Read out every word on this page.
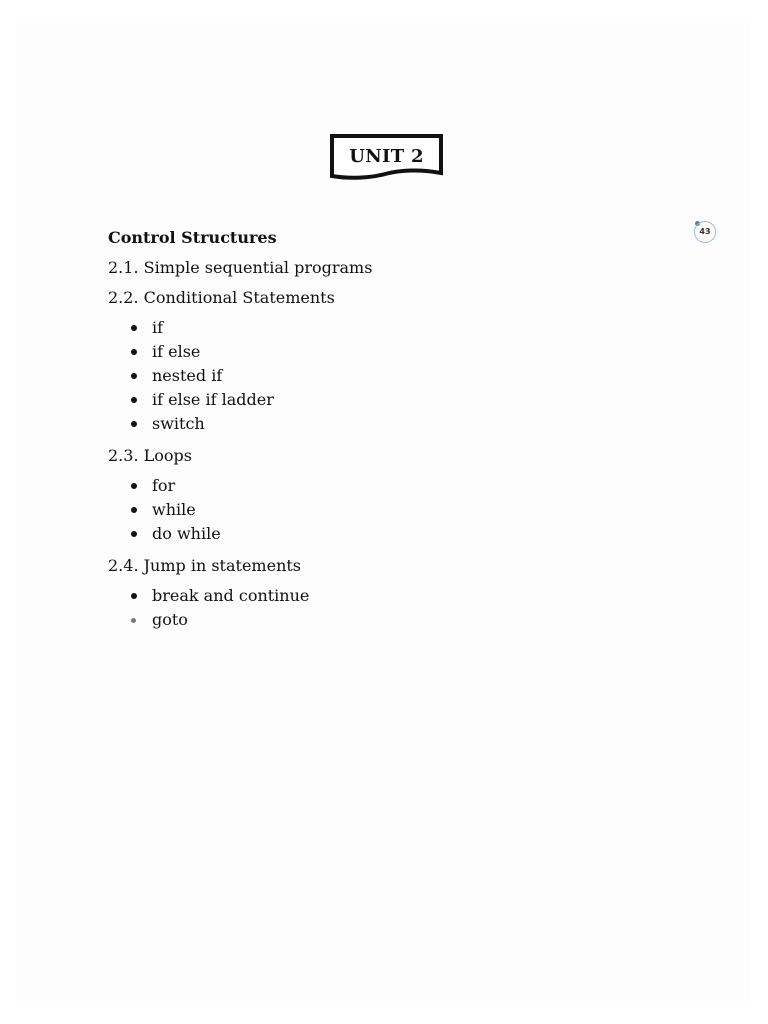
UNIT 2
43
Control Structures
2.1. Simple sequential programs
2.2. Conditional Statements
if
if else
nested if
if else if ladder
switch
2.3. Loops
for
while
do while
2.4. Jump in statements
break and continue
goto
